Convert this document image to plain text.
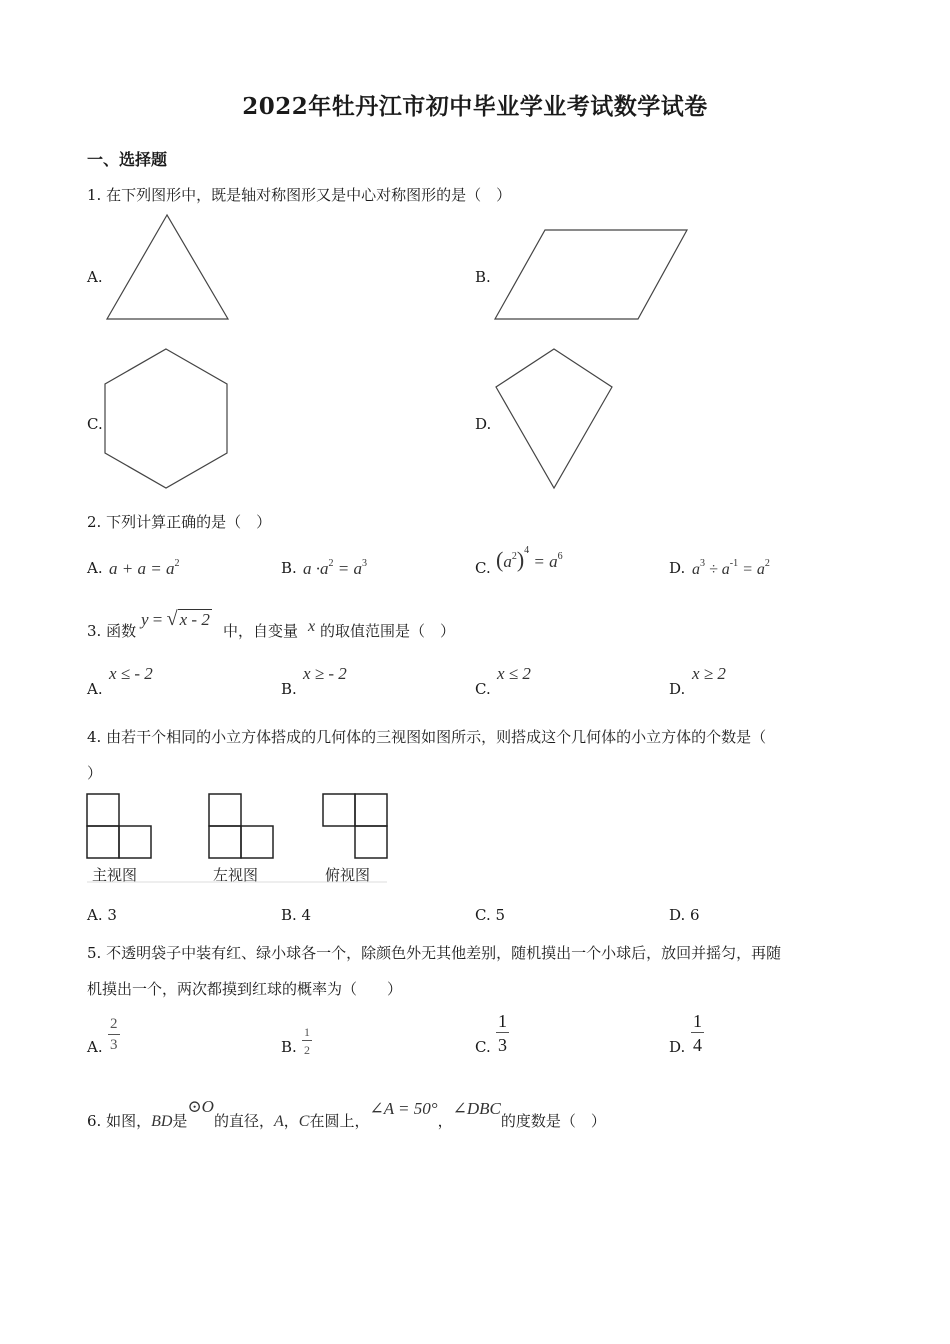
2022年牡丹江市初中毕业学业考试数学试卷
一、选择题
1. 在下列图形中，既是轴对称图形又是中心对称图形的是（　）
A.	B.
C.	D.
2. 下列计算正确的是（　）
A. $a + a = a^2$	B. $a \cdot a^2 = a^3$	C. $(a^2)^4 = a^6$
D. $a^3 \div a^{-1} = a^2$
3. 函数
y = √ x - 2
中，自变量 x 的取值范围是（　）
A.
x ≤ - 2
B.
x ≥ - 2
C.
x ≤ 2
D.
x ≥ 2
4. 由若干个相同的小立方体搭成的几何体的三视图如图所示，则搭成这个几何体的小立方体的个数是（
）
主视图	左视图	俯视图
A. 3	B. 4	C. 5	D. 6
5. 不透明袋子中装有红、绿小球各一个，除颜色外无其他差别，随机摸出一个小球后，放回并摇匀，再随
机摸出一个，两次都摸到红球的概率为（　　）
A. $\frac{2}{3}$	B. $\frac{1}{2}$	C. $\frac{1}{3}$	D. $\frac{1}{4}$
6. 如图，BD是⊙O的直径，A，C在圆上，∠A = 50°，∠DBC的度数是（　）
